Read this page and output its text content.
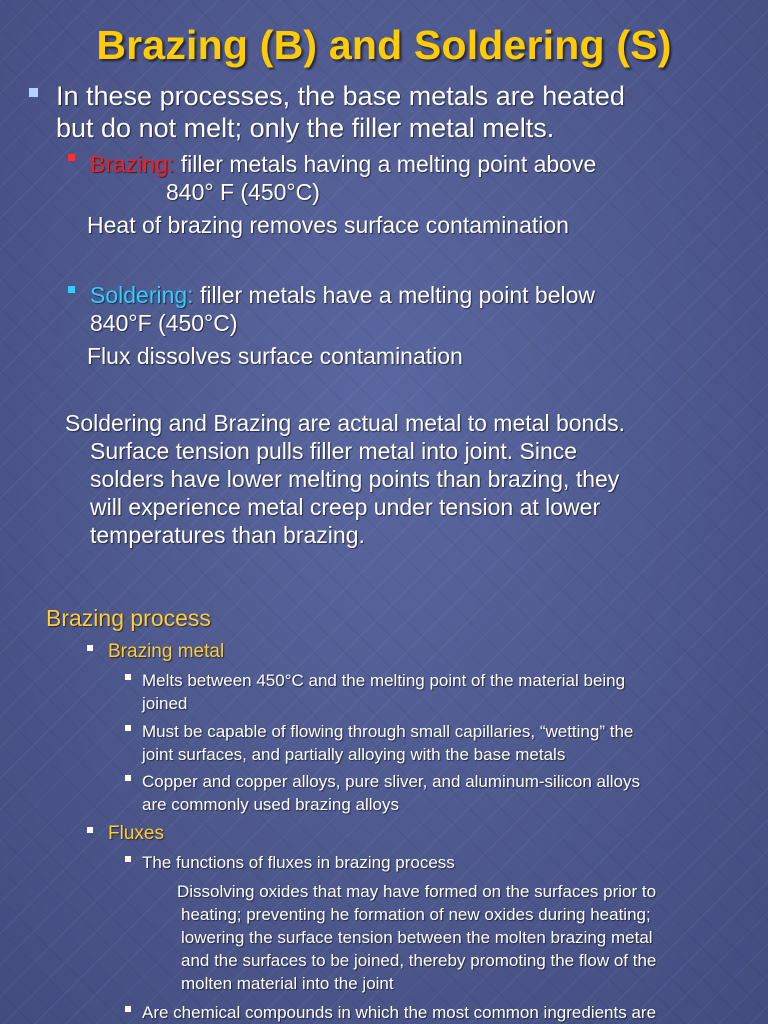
Brazing (B) and Soldering (S)
In these processes, the base metals are heated
but do not melt; only the filler metal melts.
Brazing: filler metals having a melting point above
840° F (450°C)
Heat of brazing removes surface contamination
Soldering: filler metals have a melting point below
840°F (450°C)
Flux dissolves surface contamination
Soldering and Brazing are actual metal to metal bonds.
Surface tension pulls filler metal into joint. Since
solders have lower melting points than brazing, they
will experience metal creep under tension at lower
temperatures than brazing.
Brazing process
Brazing metal
Melts between 450°C and the melting point of the material being
joined
Must be capable of flowing through small capillaries, “wetting” the
joint surfaces, and partially alloying with the base metals
Copper and copper alloys, pure sliver, and aluminum-silicon alloys
are commonly used brazing alloys
Fluxes
The functions of fluxes in brazing process
Dissolving oxides that may have formed on the surfaces prior to
heating; preventing he formation of new oxides during heating;
lowering the surface tension between the molten brazing metal
and the surfaces to be joined, thereby promoting the flow of the
molten material into the joint
Are chemical compounds in which the most common ingredients are
